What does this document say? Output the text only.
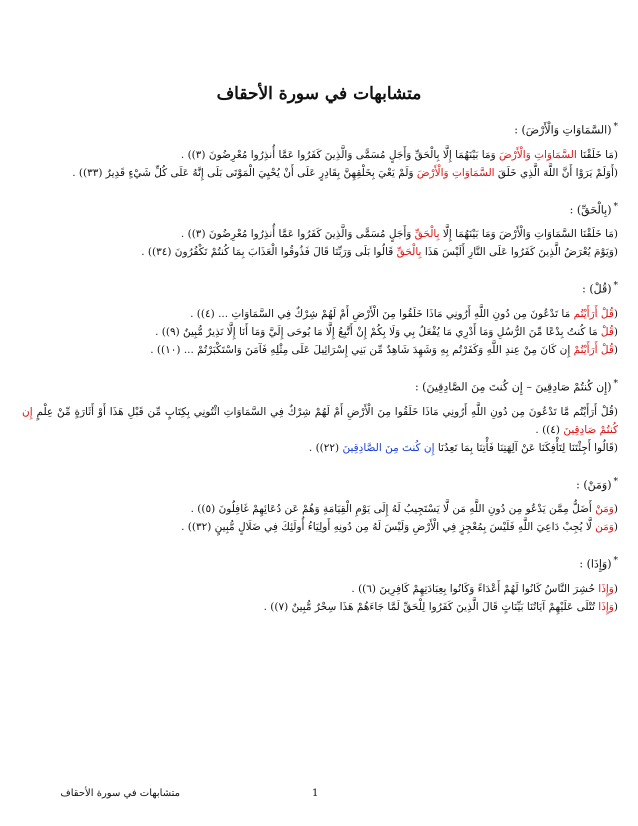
متشابهات في سورة الأحقاف
*(السَّمَاوَاتِ وَالْأَرْضَ) :
(مَا خَلَقْنَا السَّمَاوَاتِ وَالْأَرْضَ وَمَا بَيْنَهُمَا إِلَّا بِالْحَقِّ وَأَجَلٍ مُسَمًّى وَالَّذِينَ كَفَرُوا عَمَّا أُنذِرُوا مُعْرِضُونَ (٣)) .
(أَوَلَمْ يَرَوْا أَنَّ اللَّهَ الَّذِي خَلَقَ السَّمَاوَاتِ وَالْأَرْضَ وَلَمْ يَعْيَ بِخَلْقِهِنَّ بِقَادِرٍ عَلَى أَنْ يُحْيِيَ الْمَوْتَى بَلَى إِنَّهُ عَلَى كُلِّ شَيْءٍ قَدِيرٌ (٣٣)) .
*(بِالْحَقِّ) :
(مَا خَلَقْنَا السَّمَاوَاتِ وَالْأَرْضَ وَمَا بَيْنَهُمَا إِلَّا بِالْحَقِّ وَأَجَلٍ مُسَمًّى وَالَّذِينَ كَفَرُوا عَمَّا أُنذِرُوا مُعْرِضُونَ (٣)) .
(وَيَوْمَ يُعْرَضُ الَّذِينَ كَفَرُوا عَلَى النَّارِ أَلَيْسَ هَذَا بِالْحَقِّ قَالُوا بَلَى وَرَبِّنَا قَالَ فَذُوقُوا الْعَذَابَ بِمَا كُنتُمْ تَكْفُرُونَ (٣٤)) .
*(قُلْ) :
(قُلْ أَرَأَيْتُم مَا تَدْعُونَ مِن دُونِ اللَّهِ أَرُونِي مَاذَا خَلَقُوا مِنَ الْأَرْضِ أَمْ لَهُمْ شِرْكٌ فِي السَّمَاوَاتِ ... (٤)) .
(قُلْ مَا كُنتُ بِدْعًا مِّنَ الرُّسُلِ وَمَا أَدْرِي مَا يُفْعَلُ بِي وَلَا بِكُمْ إِنْ أَتَّبِعُ إِلَّا مَا يُوحَى إِلَيَّ وَمَا أَنَا إِلَّا نَذِيرٌ مُّبِينٌ (٩)) .
(قُلْ أَرَأَيْتُمْ إِن كَانَ مِنْ عِندِ اللَّهِ وَكَفَرْتُم بِهِ وَشَهِدَ شَاهِدٌ مِّن بَنِي إِسْرَائِيلَ عَلَى مِثْلِهِ فَآمَنَ وَاسْتَكْبَرْتُمْ ... (١٠)) .
*(إِن كُنتُمْ صَادِقِينَ – إِن كُنتَ مِنَ الصَّادِقِينَ) :
(قُلْ أَرَأَيْتُم مَّا تَدْعُونَ مِن دُونِ اللَّهِ أَرُونِي مَاذَا خَلَقُوا مِنَ الْأَرْضِ أَمْ لَهُمْ شِرْكٌ فِي السَّمَاوَاتِ ائْتُونِي بِكِتَابٍ مِّن قَبْلِ هَذَا أَوْ أَثَارَةٍ مِّنْ عِلْمٍ إِن كُنتُمْ صَادِقِينَ (٤)) .
(قَالُوا أَجِئْتَنَا لِتَأْفِكَنَا عَنْ آلِهَتِنَا فَأْتِنَا بِمَا تَعِدُنَا إِن كُنتَ مِنَ الصَّادِقِينَ (٢٢)) .
*(وَمَنْ) :
(وَمَنْ أَضَلُّ مِمَّن يَدْعُو مِن دُونِ اللَّهِ مَن لَّا يَسْتَجِيبُ لَهُ إِلَى يَوْمِ الْقِيَامَةِ وَهُمْ عَن دُعَائِهِمْ غَافِلُونَ (٥)) .
(وَمَن لَّا يُجِبْ دَاعِيَ اللَّهِ فَلَيْسَ بِمُعْجِزٍ فِي الْأَرْضِ وَلَيْسَ لَهُ مِن دُونِهِ أَولِيَاءُ أُولَئِكَ فِي ضَلَالٍ مُّبِينٍ (٣٢)) .
*(وَإِذَا) :
(وَإِذَا حُشِرَ النَّاسُ كَانُوا لَهُمْ أَعْدَاءً وَكَانُوا بِعِبَادَتِهِمْ كَافِرِينَ (٦)) .
(وَإِذَا تُتْلَى عَلَيْهِمْ آيَاتُنَا بَيِّنَاتٍ قَالَ الَّذِينَ كَفَرُوا لِلْحَقِّ لَمَّا جَاءَهُمْ هَذَا سِحْرٌ مُّبِينٌ (٧)) .
1
متشابهات في سورة الأحقاف
